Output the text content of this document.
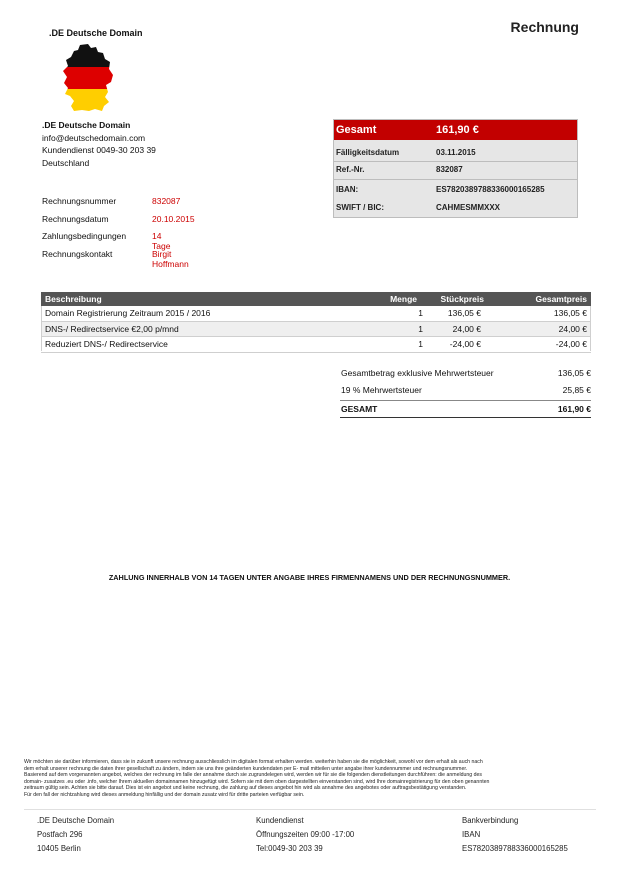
.DE Deutsche Domain	Rechnung
.DE Deutsche Domain
info@deutschedomain.com
Kundendienst 0049-30 203 39
Deutschland
Rechnungsnummer	832087
Rechnungsdatum	20.10.2015
Zahlungsbedingungen	14 Tage
Rechnungskontakt	Birgit Hoffmann
Gesamt	161,90 €
Fälligkeitsdatum	03.11.2015
Ref.-Nr.	832087
IBAN:	ES7820389788336000165285
SWIFT / BIC:	CAHMESMMXXX
Beschreibung	Menge	Stückpreis	Gesamtpreis
Domain Registrierung Zeitraum 2015 / 2016	1	136,05 €	136,05 €
DNS-/ Redirectservice €2,00 p/mnd	1	24,00 €	24,00 €
Reduziert DNS-/ Redirectservice	1	-24,00 €	-24,00 €
Gesamtbetrag exklusive Mehrwertsteuer	136,05 €
19 % Mehrwertsteuer	25,85 €
GESAMT	161,90 €
ZAHLUNG INNERHALB VON 14 TAGEN UNTER ANGABE IHRES FIRMENNAMENS UND DER RECHNUNGSNUMMER.
Wir möchten sie darüber informieren, dass sie in zukunft unsere rechnung ausschliesslich im digitalen format erhalten werden. weiterhin haben sie die möglichkeit, sowohl vor dem erhalt als auch nach
dem erhalt unserer rechnung die daten ihrer gesellschaft zu ändern, indem sie uns ihre geänderten kundendaten per E- mail mitteilen unter angabe ihrer kundennummer und rechnungsnummer.
Basierend auf dem vorgenannten angebot, welches der rechnung im falle der annahme durch sie zugrundelegen wird, werden wir für sie die folgenden dienstleitungen durchführen: die anmeldung des
domain- zusatzes .eu oder .info, welcher Ihrem aktuellen domainnamen hinzugefügt wird. Sofern sie mit dem oben dargestellten einverstanden sind, wird Ihre domainregistrierung für den oben genannten
zeitraum gültig sein. Achten sie bitte darauf. Dies ist ein angebot und keine rechnung, die zahlung auf dieses angebot hin wird als annahme des angebotes oder auftragsbestätigung verstanden.
Für den fall der nichtzahlung wird dieses anmeldung hinfällig und der domain zusatz wird für dritte parteien verfügbar sein.
.DE Deutsche Domain
Postfach 296
10405 Berlin
Kundendienst
Öffnungszeiten 09:00 -17:00
Tel:0049-30 203 39
Bankverbindung
IBAN
ES7820389788336000165285
